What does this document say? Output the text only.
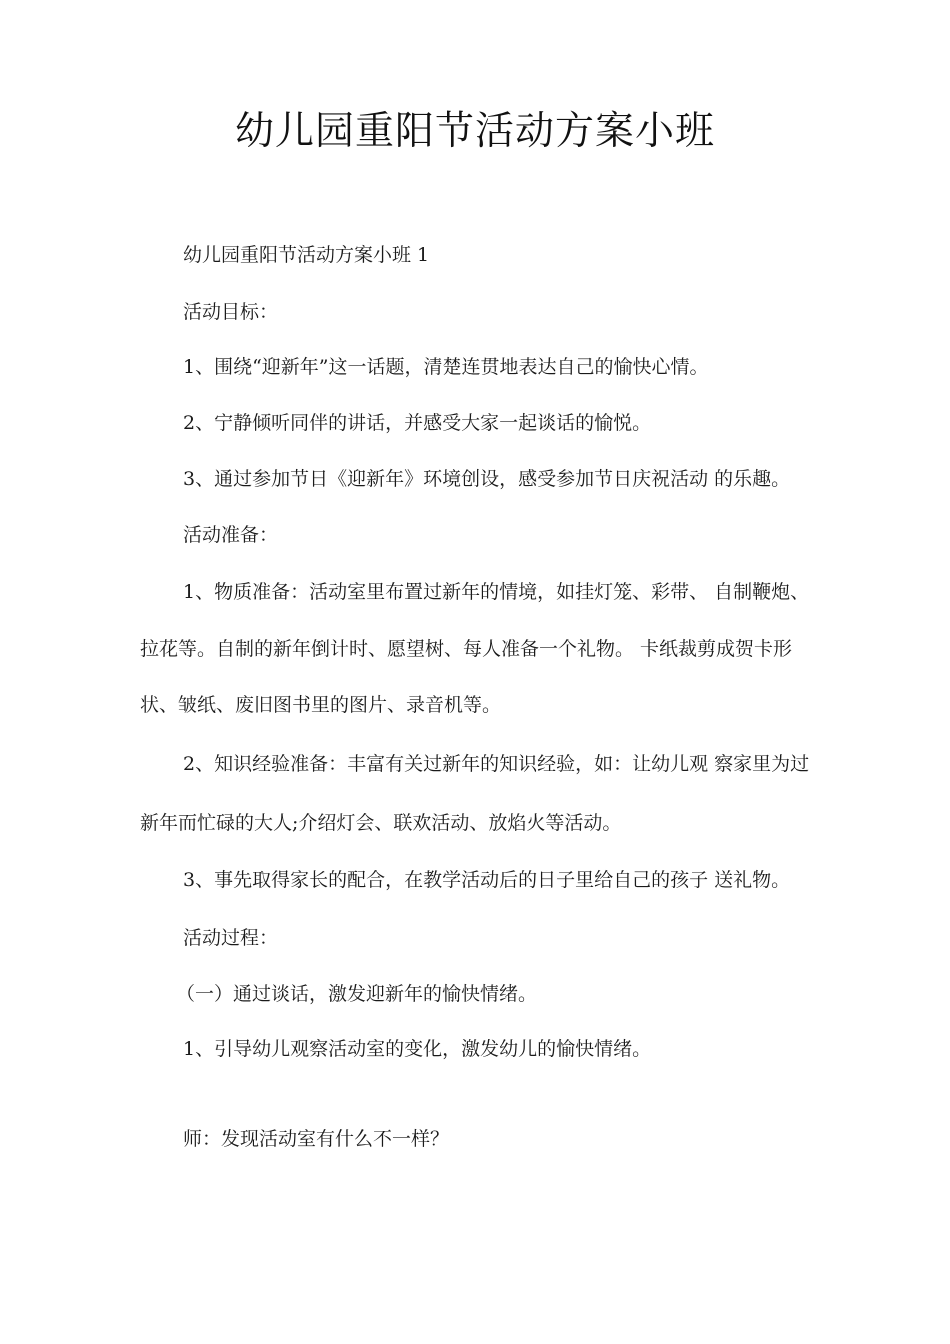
幼儿园重阳节活动方案小班
幼儿园重阳节活动方案小班 1
活动目标：
1、围绕“迎新年”这一话题，清楚连贯地表达自己的愉快心情。
2、宁静倾听同伴的讲话，并感受大家一起谈话的愉悦。
3、通过参加节日《迎新年》环境创设，感受参加节日庆祝活动 的乐趣。
活动准备：
1、物质准备：活动室里布置过新年的情境，如挂灯笼、彩带、 自制鞭炮、
拉花等。自制的新年倒计时、愿望树、每人准备一个礼物。 卡纸裁剪成贺卡形
状、皱纸、废旧图书里的图片、录音机等。
2、知识经验准备：丰富有关过新年的知识经验，如：让幼儿观 察家里为过
新年而忙碌的大人;介绍灯会、联欢活动、放焰火等活动。
3、事先取得家长的配合，在教学活动后的日子里给自己的孩子 送礼物。
活动过程：
（一）通过谈话，激发迎新年的愉快情绪。
1、引导幼儿观察活动室的变化，激发幼儿的愉快情绪。
师：发现活动室有什么不一样？
